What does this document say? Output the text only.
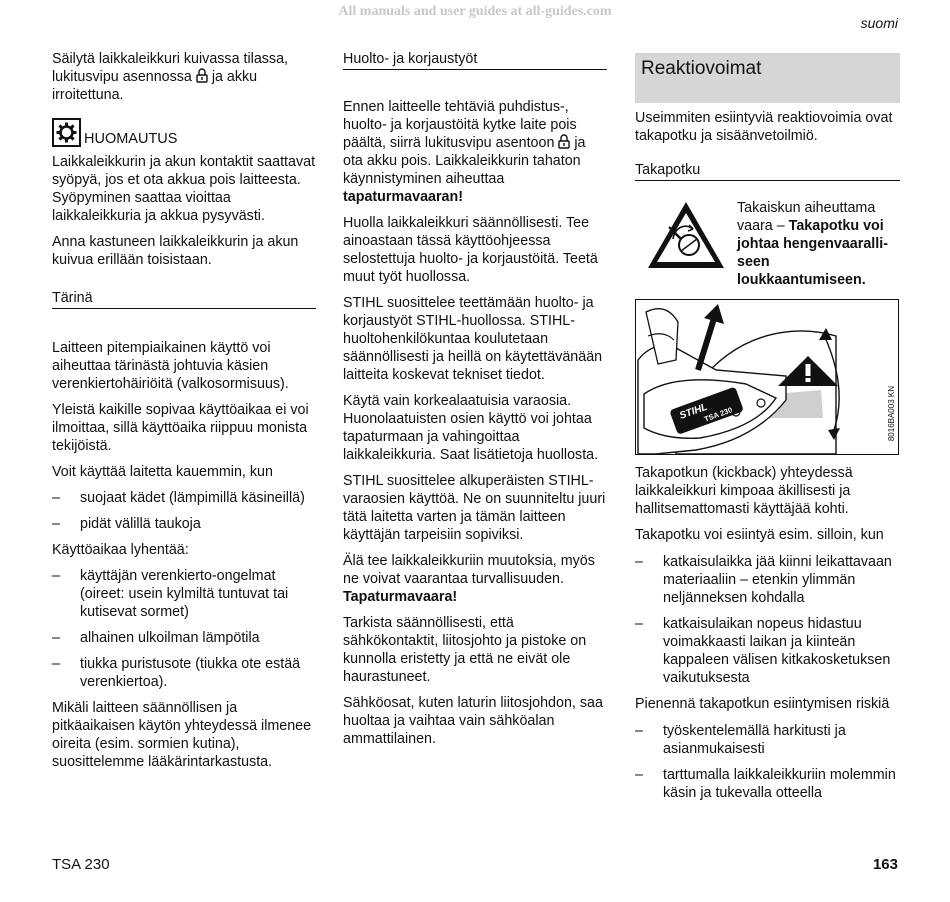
All manuals and user guides at all-guides.com
suomi

Säilytä laikkaleikkuri kuivassa tilassa, lukitusvipu asennossa  ja akku irroitettuna.

HUOMAUTUS

Laikkaleikkurin ja akun kontaktit saattavat syöpyä, jos et ota akkua pois laitteesta. Syöpyminen saattaa vioittaa laikkaleikkuria ja akkua pysyvästi.

Anna kastuneen laikkaleikkurin ja akun kuivua erillään toisistaan.

Tärinä

Laitteen pitempiaikainen käyttö voi aiheuttaa tärinästä johtuvia käsien verenkiertohäiriöitä (valkosormisuus).

Yleistä kaikille sopivaa käyttöaikaa ei voi ilmoittaa, sillä käyttöaika riippuu monista tekijöistä.

Voit käyttää laitetta kauemmin, kun

–	suojaat kädet (lämpimillä käsineillä)
–	pidät välillä taukoja

Käyttöaikaa lyhentää:

–	käyttäjän verenkierto-ongelmat (oireet: usein kylmiltä tuntuvat tai kutisevat sormet)
–	alhainen ulkoilman lämpötila
–	tiukka puristusote (tiukka ote estää verenkiertoa).

Mikäli laitteen säännöllisen ja pitkäaikaisen käytön yhteydessä ilmenee oireita (esim. sormien kutina), suosittelemme lääkärintarkastusta.

Huolto- ja korjaustyöt

Ennen laitteelle tehtäviä puhdistus-, huolto- ja korjaustöitä kytke laite pois päältä, siirrä lukitusvipu asentoon  ja ota akku pois. Laikkaleikkurin tahaton käynnistyminen aiheuttaa
tapaturmavaaran!

Huolla laikkaleikkuri säännöllisesti. Tee ainoastaan tässä käyttöohjeessa selostettuja huolto- ja korjaustöitä. Teetä muut työt huollossa.

STIHL suosittelee teettämään huolto- ja korjaustyöt STIHL-huollossa. STIHL-huoltohenkilökuntaa koulutetaan säännöllisesti ja heillä on käytettävänään laitteita koskevat tekniset tiedot.

Käytä vain korkealaatuisia varaosia. Huonolaatuisten osien käyttö voi johtaa tapaturmaan ja vahingoittaa laikkaleikkuria. Saat lisätietoja huollosta.

STIHL suosittelee alkuperäisten STIHL-varaosien käyttöä. Ne on suunniteltu juuri tätä laitetta varten ja tämän laitteen käyttäjän tarpeisiin sopiviksi.

Älä tee laikkaleikkuriin muutoksia, myös ne voivat vaarantaa turvallisuuden.
Tapaturmavaara!

Tarkista säännöllisesti, että sähkökontaktit, liitosjohto ja pistoke on kunnolla eristetty ja että ne eivät ole haurastuneet.

Sähköosat, kuten laturin liitosjohdon, saa huoltaa ja vaihtaa vain sähköalan ammattilainen.

Reaktiovoimat

Useimmiten esiintyviä reaktiovoimia ovat takapotku ja sisäänvetoilmiö.

Takapotku
Takaiskun aiheuttama vaara – Takapotku voi johtaa hengenvaaralliseen loukkaantumiseen.
STIHL
TSA 230	8016BA003 KN

Takapotkun (kickback) yhteydessä laikkaleikkuri kimpoaa äkillisesti ja hallitsemattomasti käyttäjää kohti.

Takapotku voi esiintyä esim. silloin, kun

–	katkaisulaikka jää kiinni leikattavaan materiaaliin – etenkin ylimmän neljänneksen kohdalla
–	katkaisulaikan nopeus hidastuu voimakkaasti laikan ja kiinteän kappaleen välisen kitkakosketuksen vaikutuksesta

Pienennä takapotkun esiintymisen riskiä

–	työskentelemällä harkitusti ja asianmukaisesti
–	tarttumalla laikkaleikkuriin molemmin käsin ja tukevalla otteella
TSA 230	163
